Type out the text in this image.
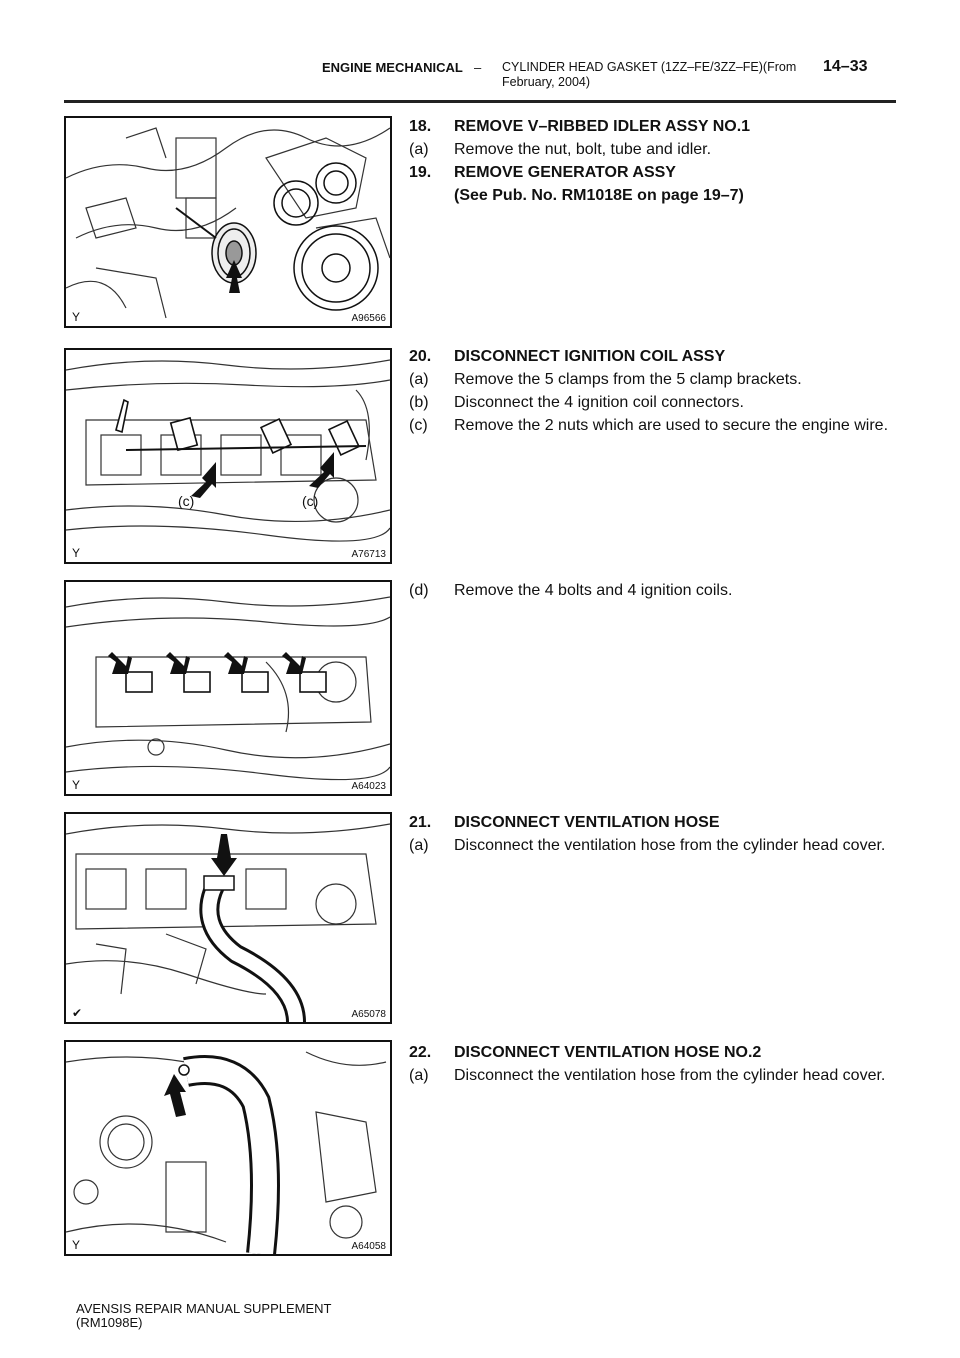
ENGINE MECHANICAL – CYLINDER HEAD GASKET (1ZZ–FE/3ZZ–FE)(From February, 2004)
14–33
Y	A96566
(c)	(c)
Y	A76713
Y	A64023
✔	A65078
Y	A64058
18. REMOVE V–RIBBED IDLER ASSY NO.1
(a) Remove the nut, bolt, tube and idler.
19. REMOVE GENERATOR ASSY
(See Pub. No. RM1018E on page 19–7)
20. DISCONNECT IGNITION COIL ASSY
(a) Remove the 5 clamps from the 5 clamp brackets.
(b) Disconnect the 4 ignition coil connectors.
(c) Remove the 2 nuts which are used to secure the engine wire.
(d) Remove the 4 bolts and 4 ignition coils.
21. DISCONNECT VENTILATION HOSE
(a) Disconnect the ventilation hose from the cylinder head cover.
22. DISCONNECT VENTILATION HOSE NO.2
(a) Disconnect the ventilation hose from the cylinder head cover.
AVENSIS REPAIR MANUAL SUPPLEMENT
(RM1098E)
